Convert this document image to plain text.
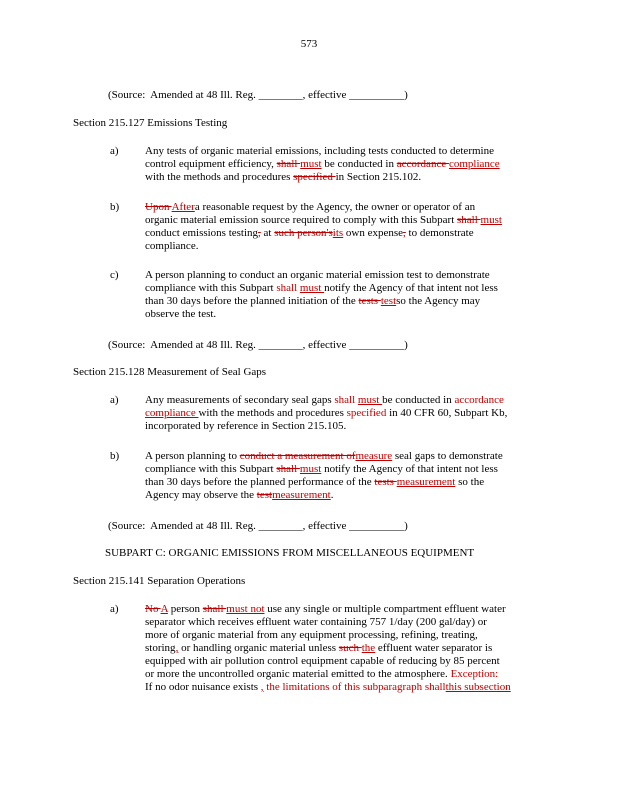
573
(Source:  Amended at 48 Ill. Reg. ________, effective __________)
Section 215.127 Emissions Testing
a) Any tests of organic material emissions, including tests conducted to determine
control equipment efficiency, shall must be conducted in accordance compliance
with the methods and procedures specified in Section 215.102.
b) Upon Aftera reasonable request by the Agency, the owner or operator of an
organic material emission source required to comply with this Subpart shall must
conduct emissions testing, at such person'sits own expense, to demonstrate
compliance.
c) A person planning to conduct an organic material emission test to demonstrate
compliance with this Subpart shall must notify the Agency of that intent not less
than 30 days before the planned initiation of the tests testso the Agency may
observe the test.
(Source:  Amended at 48 Ill. Reg. ________, effective __________)
Section 215.128 Measurement of Seal Gaps
a) Any measurements of secondary seal gaps shall must be conducted in accordance
compliance with the methods and procedures specified in 40 CFR 60, Subpart Kb,
incorporated by reference in Section 215.105.
b) A person planning to conduct a measurement ofmeasure seal gaps to demonstrate
compliance with this Subpart shall must notify the Agency of that intent not less
than 30 days before the planned performance of the tests measurement so the
Agency may observe the testmeasurement.
(Source:  Amended at 48 Ill. Reg. ________, effective __________)
SUBPART C: ORGANIC EMISSIONS FROM MISCELLANEOUS EQUIPMENT
Section 215.141 Separation Operations
a) No A person shall must not use any single or multiple compartment effluent water
separator which receives effluent water containing 757 1/day (200 gal/day) or
more of organic material from any equipment processing, refining, treating,
storing, or handling organic material unless such the effluent water separator is
equipped with air pollution control equipment capable of reducing by 85 percent
or more the uncontrolled organic material emitted to the atmosphere. Exception:
If no odor nuisance exists , the limitations of this subparagraph shallthis subsection
